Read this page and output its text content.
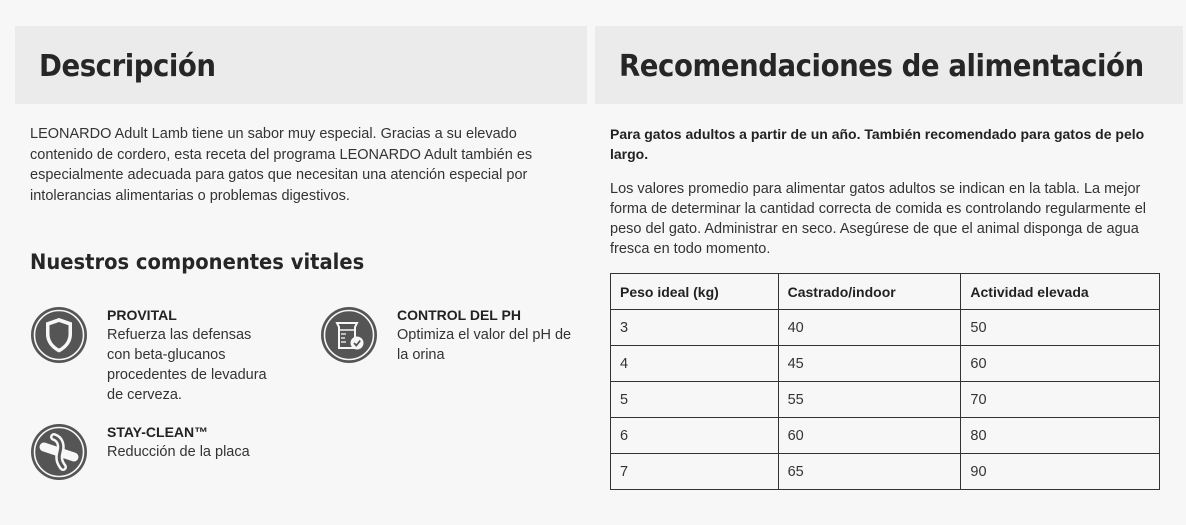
Descripción	Recomendaciones de alimentación

LEONARDO Adult Lamb tiene un sabor muy especial. Gracias a su elevado contenido de cordero, esta receta del programa LEONARDO Adult también es especialmente adecuada para gatos que necesitan una atención especial por intolerancias alimentarias o problemas digestivos.

Nuestros componentes vitales
PROVITAL
Refuerza las defensas con beta-glucanos procedentes de levadura de cerveza.
CONTROL DEL PH
Optimiza el valor del pH de la orina
STAY-CLEAN™
Reducción de la placa

Para gatos adultos a partir de un año. También recomendado para gatos de pelo largo.

Los valores promedio para alimentar gatos adultos se indican en la tabla. La mejor forma de determinar la cantidad correcta de comida es controlando regularmente el peso del gato. Administrar en seco. Asegúrese de que el animal disponga de agua fresca en todo momento.

Peso ideal (kg)	Castrado/indoor	Actividad elevada
3	40	50
4	45	60
5	55	70
6	60	80
7	65	90
